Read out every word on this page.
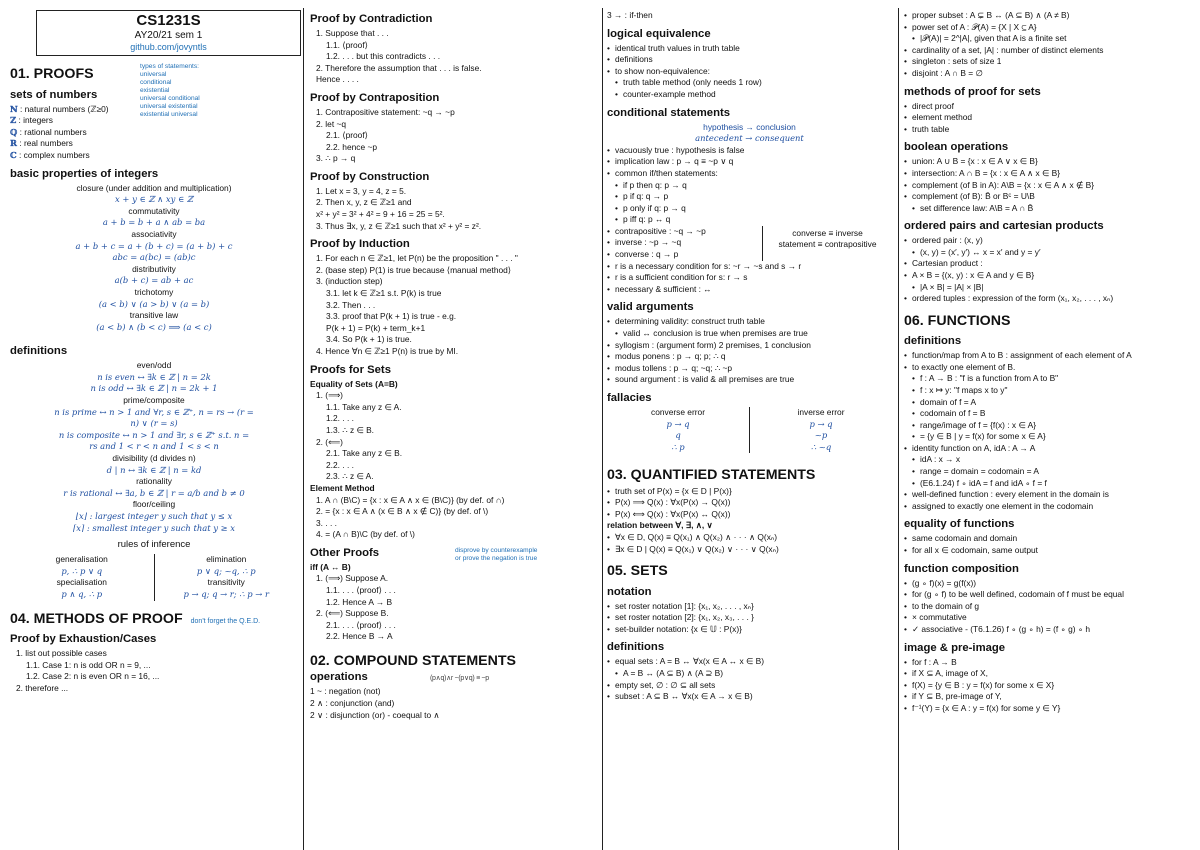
CS1231S
AY20/21 sem 1
github.com/jovyntls
01. PROOFS	types of statements:
universal
conditional
existential
universal conditional
universal existential
existential universal
sets of numbers
ℕ : natural numbers (ℤ≥0)
ℤ : integers
ℚ : rational numbers
ℝ : real numbers
ℂ : complex numbers
basic properties of integers
closure (under addition and multiplication)
x + y ∈ ℤ ∧ xy ∈ ℤ
commutativity
a + b = b + a ∧ ab = ba
associativity
a + b + c = a + (b + c) = (a + b) + c
abc = a(bc) = (ab)c
distributivity
a(b + c) = ab + ac
trichotomy
(a < b) ∨ (a > b) ∨ (a = b)
transitive law
(a < b) ∧ (b < c) ⟹ (a < c)
definitions
even/odd
n is even ↔ ∃k ∈ ℤ | n = 2k
n is odd ↔ ∃k ∈ ℤ | n = 2k + 1
prime/composite
n is prime ↔ n > 1 and ∀r, s ∈ ℤ⁺, n = rs → (r =
n) ∨ (r = s)
n is composite ↔ n > 1 and ∃r, s ∈ ℤ⁺ s.t. n =
rs and 1 < r < n and 1 < s < n
divisibility (d divides n)
d | n ↔ ∃k ∈ ℤ | n = kd
rationality
r is rational ↔ ∃a, b ∈ ℤ | r = a/b and b ≠ 0
floor/ceiling
⌊x⌋ : largest integer y such that y ≤ x
⌈x⌉ : smallest integer y such that y ≥ x
rules of inference
generalisation
p, ∴ p ∨ q
specialisation
p ∧ q, ∴ p
elimination
p ∨ q; ~q, ∴ p
transitivity
p → q; q → r; ∴ p → r
04. METHODS OF PROOF don't forget the Q.E.D.
Proof by Exhaustion/Cases
1. list out possible cases
1.1. Case 1: n is odd OR n = 9, ...
1.2. Case 2: n is even OR n = 16, ...
2. therefore ...
Proof by Contradiction
1. Suppose that . . .
1.1. ⟨proof⟩
1.2. . . . but this contradicts . . .
2. Therefore the assumption that . . . is false.
Hence . . . .
Proof by Contraposition
1. Contrapositive statement: ~q → ~p
2. let ~q
2.1. ⟨proof⟩
2.2. hence ~p
3. ∴ p → q
Proof by Construction
1. Let x = 3, y = 4, z = 5.
2. Then x, y, z ∈ ℤ≥1 and
x² + y² = 3² + 4² = 9 + 16 = 25 = 5².
3. Thus ∃x, y, z ∈ ℤ≥1 such that x² + y² = z².
Proof by Induction
1. For each n ∈ ℤ≥1, let P(n) be the proposition " . . . "
2. (base step) P(1) is true because ⟨manual method⟩
3. (induction step)
3.1. let k ∈ ℤ≥1 s.t. P(k) is true
3.2. Then . . .
3.3. proof that P(k + 1) is true - e.g.
P(k + 1) = P(k) + term_k+1
3.4. So P(k + 1) is true.
4. Hence ∀n ∈ ℤ≥1 P(n) is true by MI.
Proofs for Sets
Equality of Sets (A=B)
1. (⟹)
1.1. Take any z ∈ A.
1.2. . . .
1.3. ∴ z ∈ B.
2. (⟸)
2.1. Take any z ∈ B.
2.2. . . .
2.3. ∴ z ∈ A.
Element Method
1. A ∩ (B\C) = {x : x ∈ A ∧ x ∈ (B\C)} (by def. of ∩)
2. = {x : x ∈ A ∧ (x ∈ B ∧ x ∉ C)} (by def. of \)
3. . . .
4. = (A ∩ B)\C (by def. of \)
Other Proofs	disprove by counterexample
or prove the negation is true
iff (A ↔ B)
1. (⟹) Suppose A.
1.1. . . . ⟨proof⟩ . . .
1.2. Hence A → B
2. (⟸) Suppose B.
2.1. . . . ⟨proof⟩ . . .
2.2. Hence B → A
02. COMPOUND STATEMENTS
operations	(p∧q)∧r ~(p∨q) ≡ ~p
1 ~ : negation (not)
2 ∧ : conjunction (and)
2 ∨ : disjunction (or) - coequal to ∧
3 → : if-then
logical equivalence
• identical truth values in truth table
• definitions
• to show non-equivalence:
• truth table method (only needs 1 row)
• counter-example method
conditional statements
hypothesis → conclusion
antecedent → consequent
• vacuously true : hypothesis is false
• implication law : p → q ≡ ~p ∨ q
• common if/then statements:
• if p then q: p → q
• p if q: q → p
• p only if q: p → q
• p iff q: p ↔ q
• contrapositive : ~q → ~p
• inverse : ~p → ~q
• converse : q → p
converse ≡ inverse
statement ≡ contrapositive
• r is a necessary condition for s: ~r → ~s and s → r
• r is a sufficient condition for s: r → s
• necessary & sufficient : ↔
valid arguments
• determining validity: construct truth table
• valid ↔ conclusion is true when premises are true
• syllogism : (argument form) 2 premises, 1 conclusion
• modus ponens : p → q; p; ∴ q
• modus tollens : p → q; ~q; ∴ ~p
• sound argument : is valid & all premises are true
fallacies
converse error
p → q
q
∴ p
inverse error
p → q
~p
∴ ~q
03. QUANTIFIED STATEMENTS
• truth set of P(x) = {x ∈ D | P(x)}
• P(x) ⟹ Q(x) : ∀x(P(x) → Q(x))
• P(x) ⟺ Q(x) : ∀x(P(x) ↔ Q(x))
relation between ∀, ∃, ∧, ∨
• ∀x ∈ D, Q(x) ≡ Q(x₁) ∧ Q(x₂) ∧ · · · ∧ Q(xₙ)
• ∃x ∈ D | Q(x) ≡ Q(x₁) ∨ Q(x₂) ∨ · · · ∨ Q(xₙ)
05. SETS
notation
• set roster notation [1]: {x₁, x₂, . . . , xₙ}
• set roster notation [2]: {x₁, x₂, x₃, . . . }
• set-builder notation: {x ∈ 𝕌 : P(x)}
definitions
• equal sets : A = B ↔ ∀x(x ∈ A ↔ x ∈ B)
• A = B ↔ (A ⊆ B) ∧ (A ⊇ B)
• empty set, ∅ : ∅ ⊆ all sets
• subset : A ⊆ B ↔ ∀x(x ∈ A → x ∈ B)
• proper subset : A ⊊ B ↔ (A ⊆ B) ∧ (A ≠ B)
• power set of A : 𝒫(A) = {X | X ⊆ A}
• |𝒫(A)| = 2^|A|, given that A is a finite set
• cardinality of a set, |A| : number of distinct elements
• singleton : sets of size 1
• disjoint : A ∩ B = ∅
methods of proof for sets
• direct proof
• element method
• truth table
boolean operations
• union: A ∪ B = {x : x ∈ A ∨ x ∈ B}
• intersection: A ∩ B = {x : x ∈ A ∧ x ∈ B}
• complement (of B in A): A\B = {x : x ∈ A ∧ x ∉ B}
• complement (of B): B̄ or Bᶜ = U\B
• set difference law: A\B = A ∩ B̄
ordered pairs and cartesian products
• ordered pair : (x, y)
• (x, y) = (x′, y′) ↔ x = x′ and y = y′
• Cartesian product :
• A × B = {(x, y) : x ∈ A and y ∈ B}
• |A × B| = |A| × |B|
• ordered tuples : expression of the form (x₁, x₂, . . . , xₙ)
06. FUNCTIONS
definitions
• function/map from A to B : assignment of each element of A
• to exactly one element of B.
• f : A → B : "f is a function from A to B"
• f : x ↦ y: "f maps x to y"
• domain of f = A
• codomain of f = B
• range/image of f = {f(x) : x ∈ A}
• = {y ∈ B | y = f(x) for some x ∈ A}
• identity function on A, idA : A → A
• idA : x → x
• range = domain = codomain = A
• (E6.1.24) f ∘ idA = f and idA ∘ f = f
• well-defined function : every element in the domain is
• assigned to exactly one element in the codomain
equality of functions
• same codomain and domain
• for all x ∈ codomain, same output
function composition
• (g ∘ f)(x) = g(f(x))
• for (g ∘ f) to be well defined, codomain of f must be equal
• to the domain of g
• × commutative
• ✓ associative - (T6.1.26) f ∘ (g ∘ h) = (f ∘ g) ∘ h
image & pre-image
• for f : A → B
• if X ⊆ A, image of X,
• f(X) = {y ∈ B : y = f(x) for some x ∈ X}
• if Y ⊆ B, pre-image of Y,
• f⁻¹(Y) = {x ∈ A : y = f(x) for some y ∈ Y}
